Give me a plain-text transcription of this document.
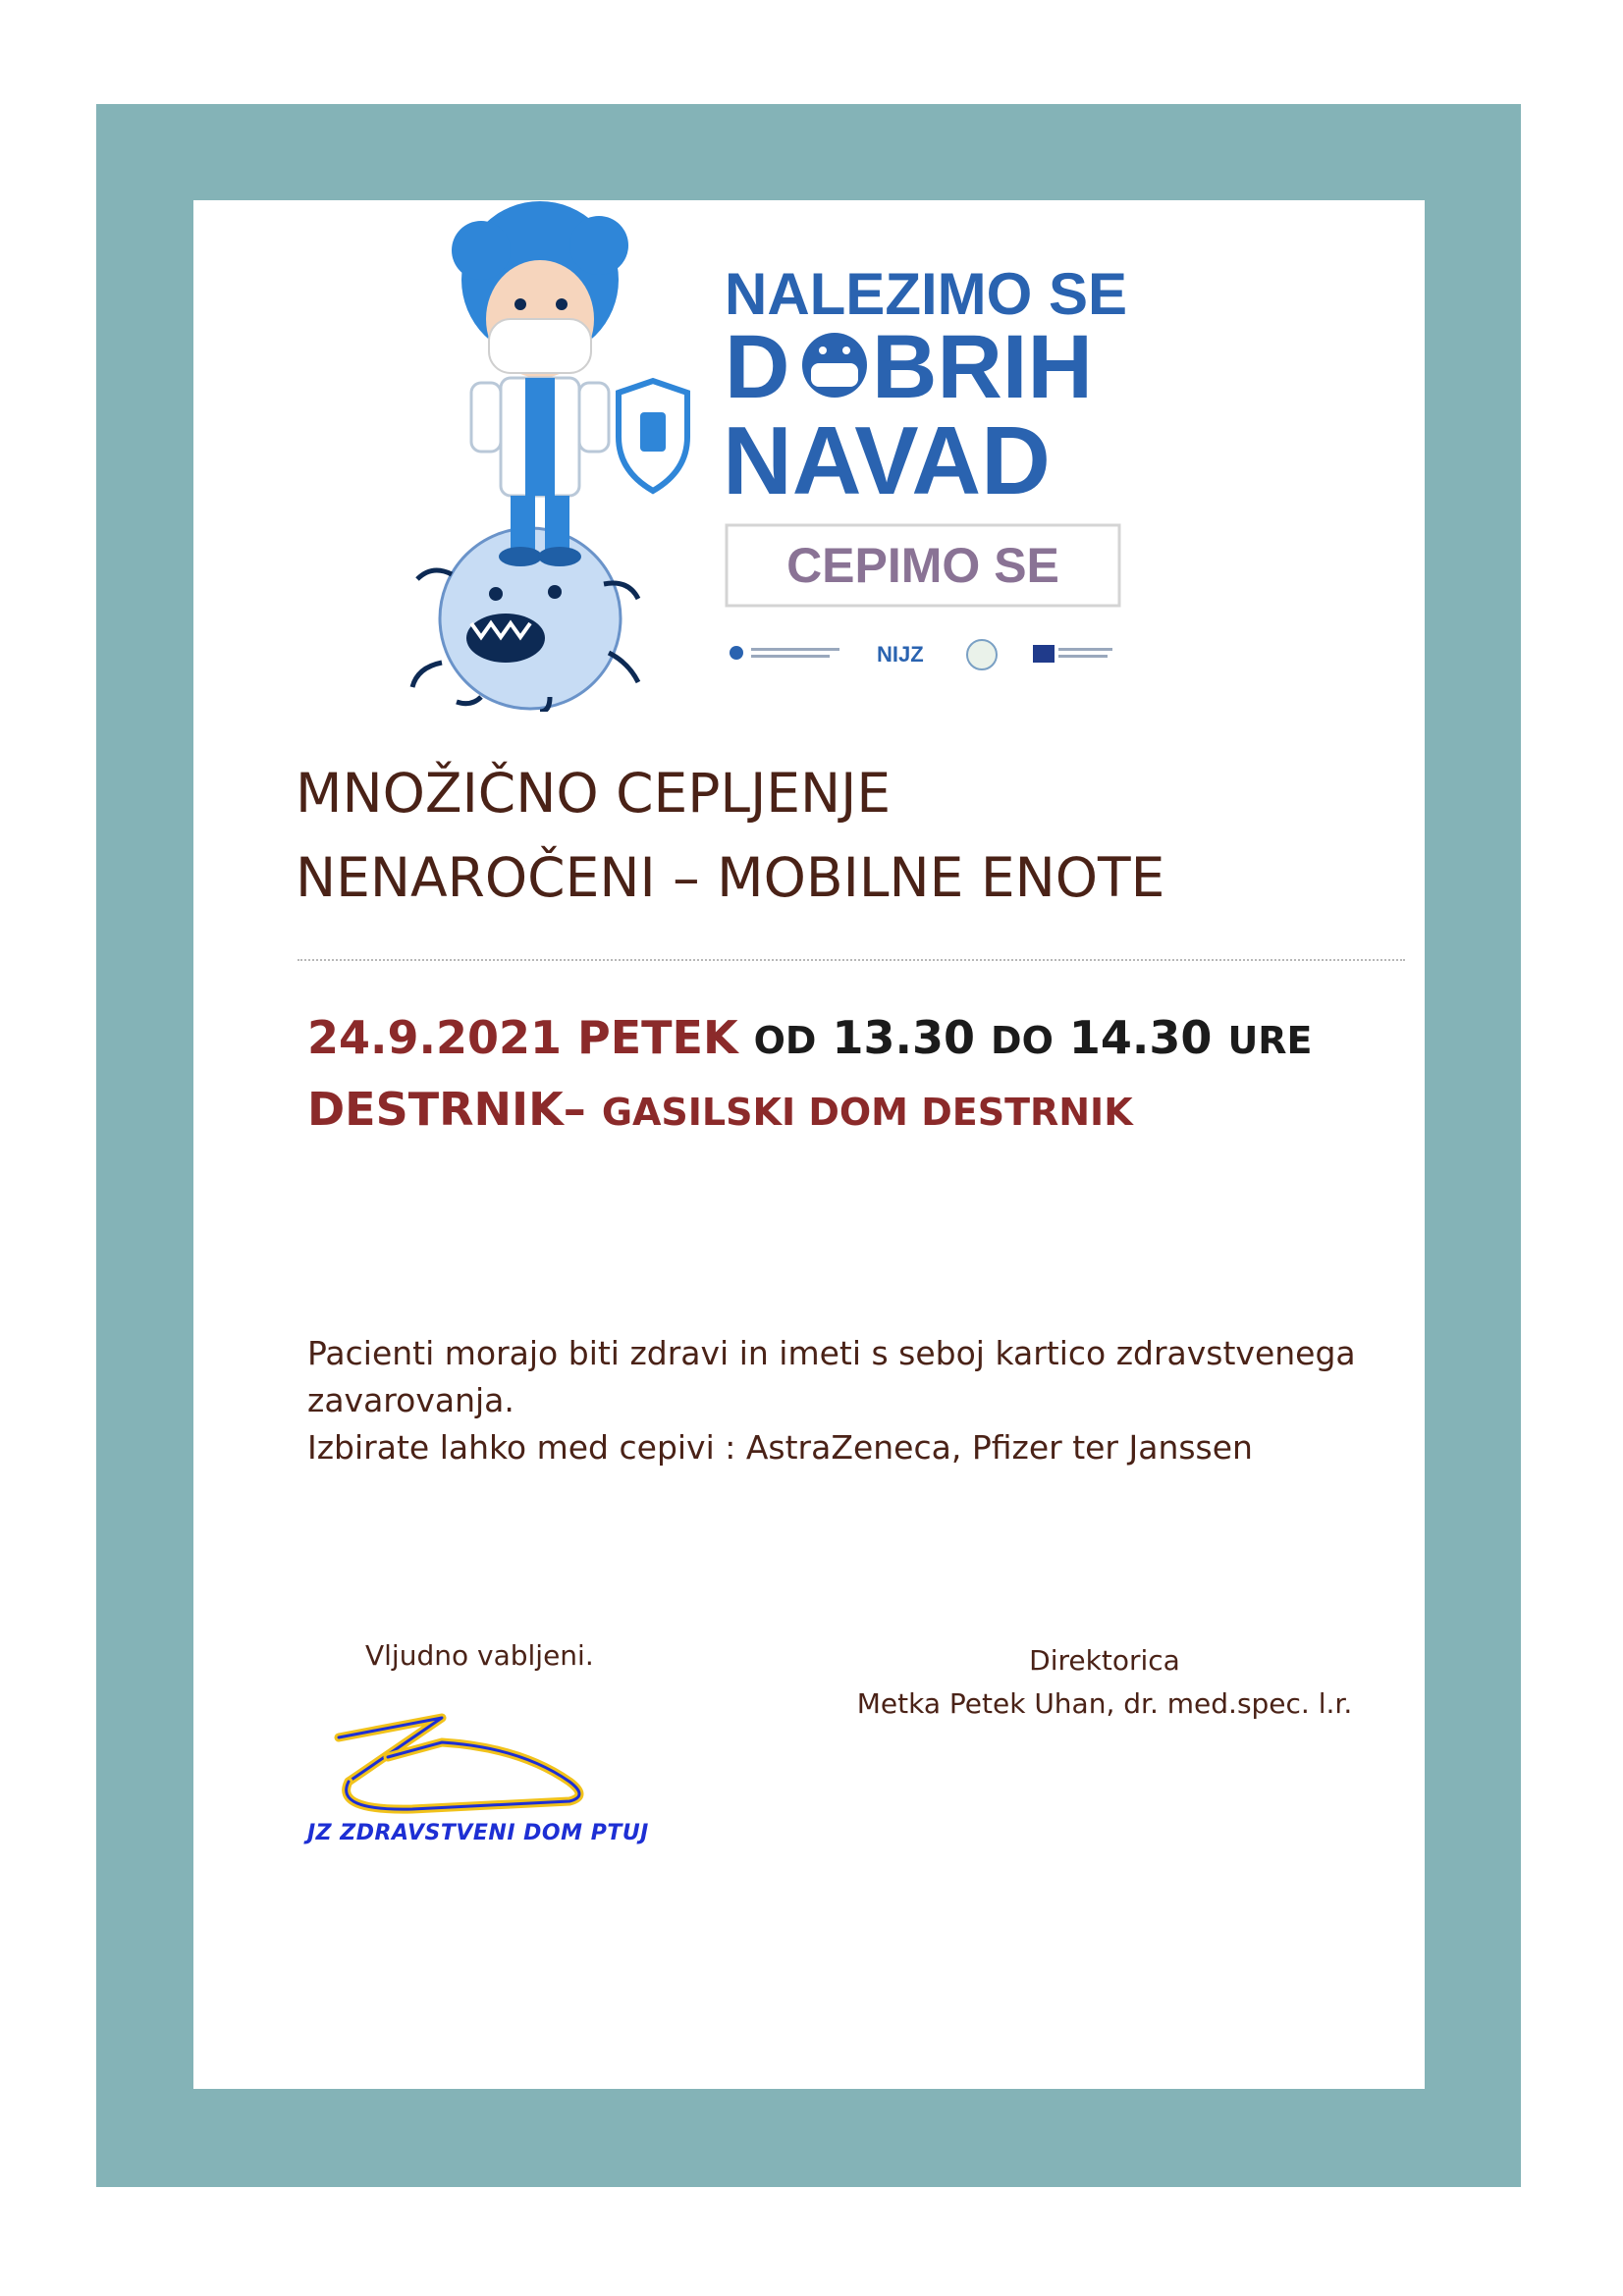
NALEZIMO SE
D BRIH
NAVAD
CEPIMO SE
NIJZ
MNOŽIČNO CEPLJENJE
NENAROČENI – MOBILNE ENOTE
24.9.2021 PETEK OD 13.30 DO 14.30 URE
DESTRNIK– GASILSKI DOM DESTRNIK

Pacienti morajo biti zdravi in imeti s seboj kartico zdravstvenega zavarovanja.

Izbirate lahko med cepivi : AstraZeneca, Pfizer ter Janssen

Vljudno vabljeni.	Direktorica
Metka Petek Uhan, dr. med.spec. l.r.
JZ ZDRAVSTVENI DOM PTUJ
